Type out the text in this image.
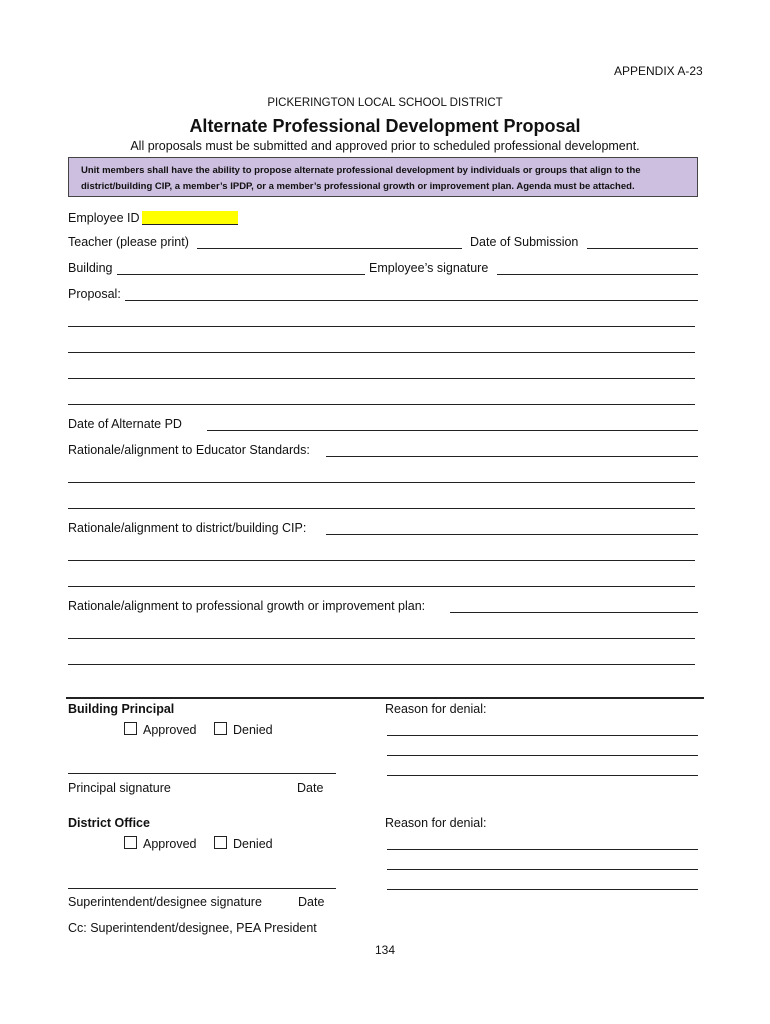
APPENDIX A-23
PICKERINGTON LOCAL SCHOOL DISTRICT
Alternate Professional Development Proposal
All proposals must be submitted and approved prior to scheduled professional development.
Unit members shall have the ability to propose alternate professional development by individuals or groups that align to the
district/building CIP, a member’s IPDP, or a member’s professional growth or improvement plan. Agenda must be attached.
Employee ID
Teacher (please print)	Date of Submission
Building	Employee’s signature
Proposal:
Date of Alternate PD
Rationale/alignment to Educator Standards:
Rationale/alignment to district/building CIP:
Rationale/alignment to professional growth or improvement plan:
Building Principal
Approved	Denied
Principal signature	Date
Reason for denial:
District Office
Approved	Denied
Superintendent/designee signature	Date
Reason for denial:
Cc: Superintendent/designee, PEA President
134
